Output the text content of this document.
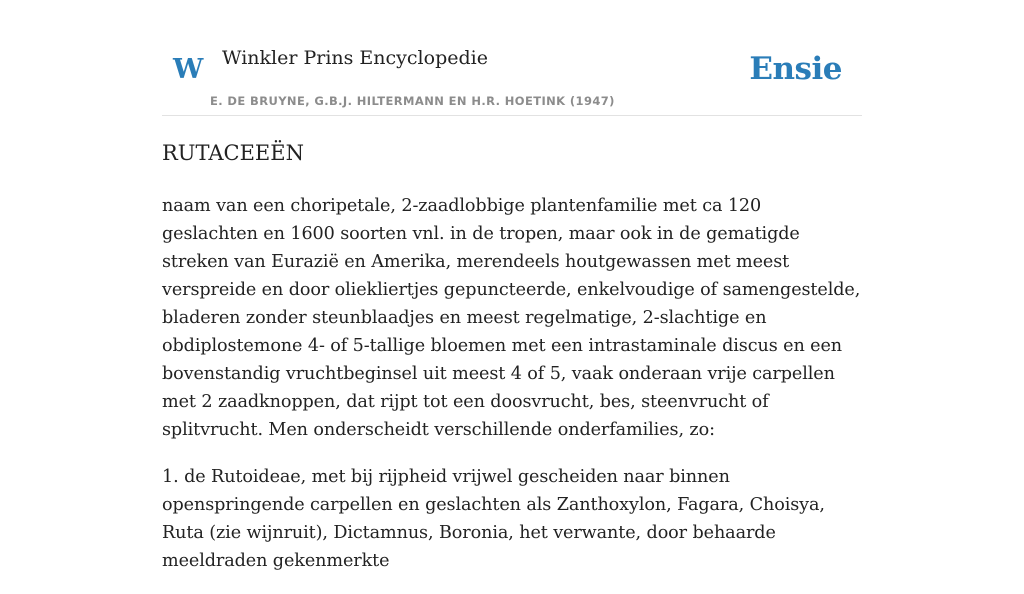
W Winkler Prins Encyclopedie	Ensie
E. DE BRUYNE, G.B.J. HILTERMANN EN H.R. HOETINK (1947)
RUTACEEËN

naam van een choripetale, 2-zaadlobbige plantenfamilie met ca 120 geslachten en 1600 soorten vnl. in de tropen, maar ook in de gematigde streken van Eurazië en Amerika, merendeels houtgewassen met meest verspreide en door oliekliertjes gepuncteerde, enkelvoudige of samengestelde, bladeren zonder steunblaadjes en meest regelmatige, 2-slachtige en obdiplostemone 4- of 5-tallige bloemen met een intrastaminale discus en een bovenstandig vruchtbeginsel uit meest 4 of 5, vaak onderaan vrije carpellen met 2 zaadknoppen, dat rijpt tot een doosvrucht, bes, steenvrucht of splitvrucht. Men onderscheidt verschillende onderfamilies, zo:

1. de Rutoideae, met bij rijpheid vrijwel gescheiden naar binnen openspringende carpellen en geslachten als Zanthoxylon, Fagara, Choisya, Ruta (zie wijnruit), Dictamnus, Boronia, het verwante, door behaarde meeldraden gekenmerkte
